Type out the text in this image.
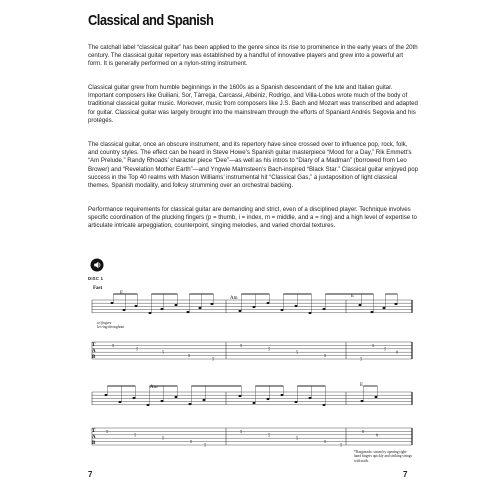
Classical and Spanish

The catchall label “classical guitar” has been applied to the genre since its rise to prominence in the early years of the 20th century. The classical guitar repertory was established by a handful of innovative players and grew into a powerful art form. It is generally performed on a nylon-string instrument.

Classical guitar grew from humble beginnings in the 1600s as a Spanish descendant of the lute and Italian guitar. Important composers like Guiliani, Sor, Tárrega, Carcassi, Albéniz, Rodrigo, and Villa-Lobos wrote much of the body of traditional classical guitar music. Moreover, music from composers like J.S. Bach and Mozart was transcribed and adapted for guitar. Classical guitar was largely brought into the mainstream through the efforts of Spaniard Andrés Segovia and his protégés.

The classical guitar, once an obscure instrument, and its repertory have since crossed over to influence pop, rock, folk, and country styles. The effect can be heard in Steve Howe’s Spanish guitar masterpiece “Mood for a Day,” Rik Emmett’s “Am Prelude,” Randy Rhoads’ character piece “Dee”—as well as his intros to “Diary of a Madman” (borrowed from Leo Brower) and “Revelation Mother Earth”—and Yngwie Malmsteen’s Bach-inspired “Black Star.” Classical guitar enjoyed pop success in the Top 40 realms with Mason Williams’ instrumental hit “Classical Gas,” a juxtaposition of light classical themes, Spanish modality, and folksy strumming over an orchestral backing.

Performance requirements for classical guitar are demanding and strict, even of a disciplined player. Technique involves specific coordination of the plucking fingers (p = thumb, i = index, m = middle, and a = ring) and a high level of expertise to articulate intricate arpeggiation, counterpoint, singing melodies, and varied chordal textures.

DISC 1
Fast
E
Am	E
w/ fingers let ring throughout
T
A
B
Am	E
T
A
B
5
5
5
5
5
5
5
5
5
5
5
5
0
5
5
5
5
5
5
5
5
5
5
0
0

*Rasgueado: strum by opening right-hand fingers quickly and striking strings with nails.

7	7
